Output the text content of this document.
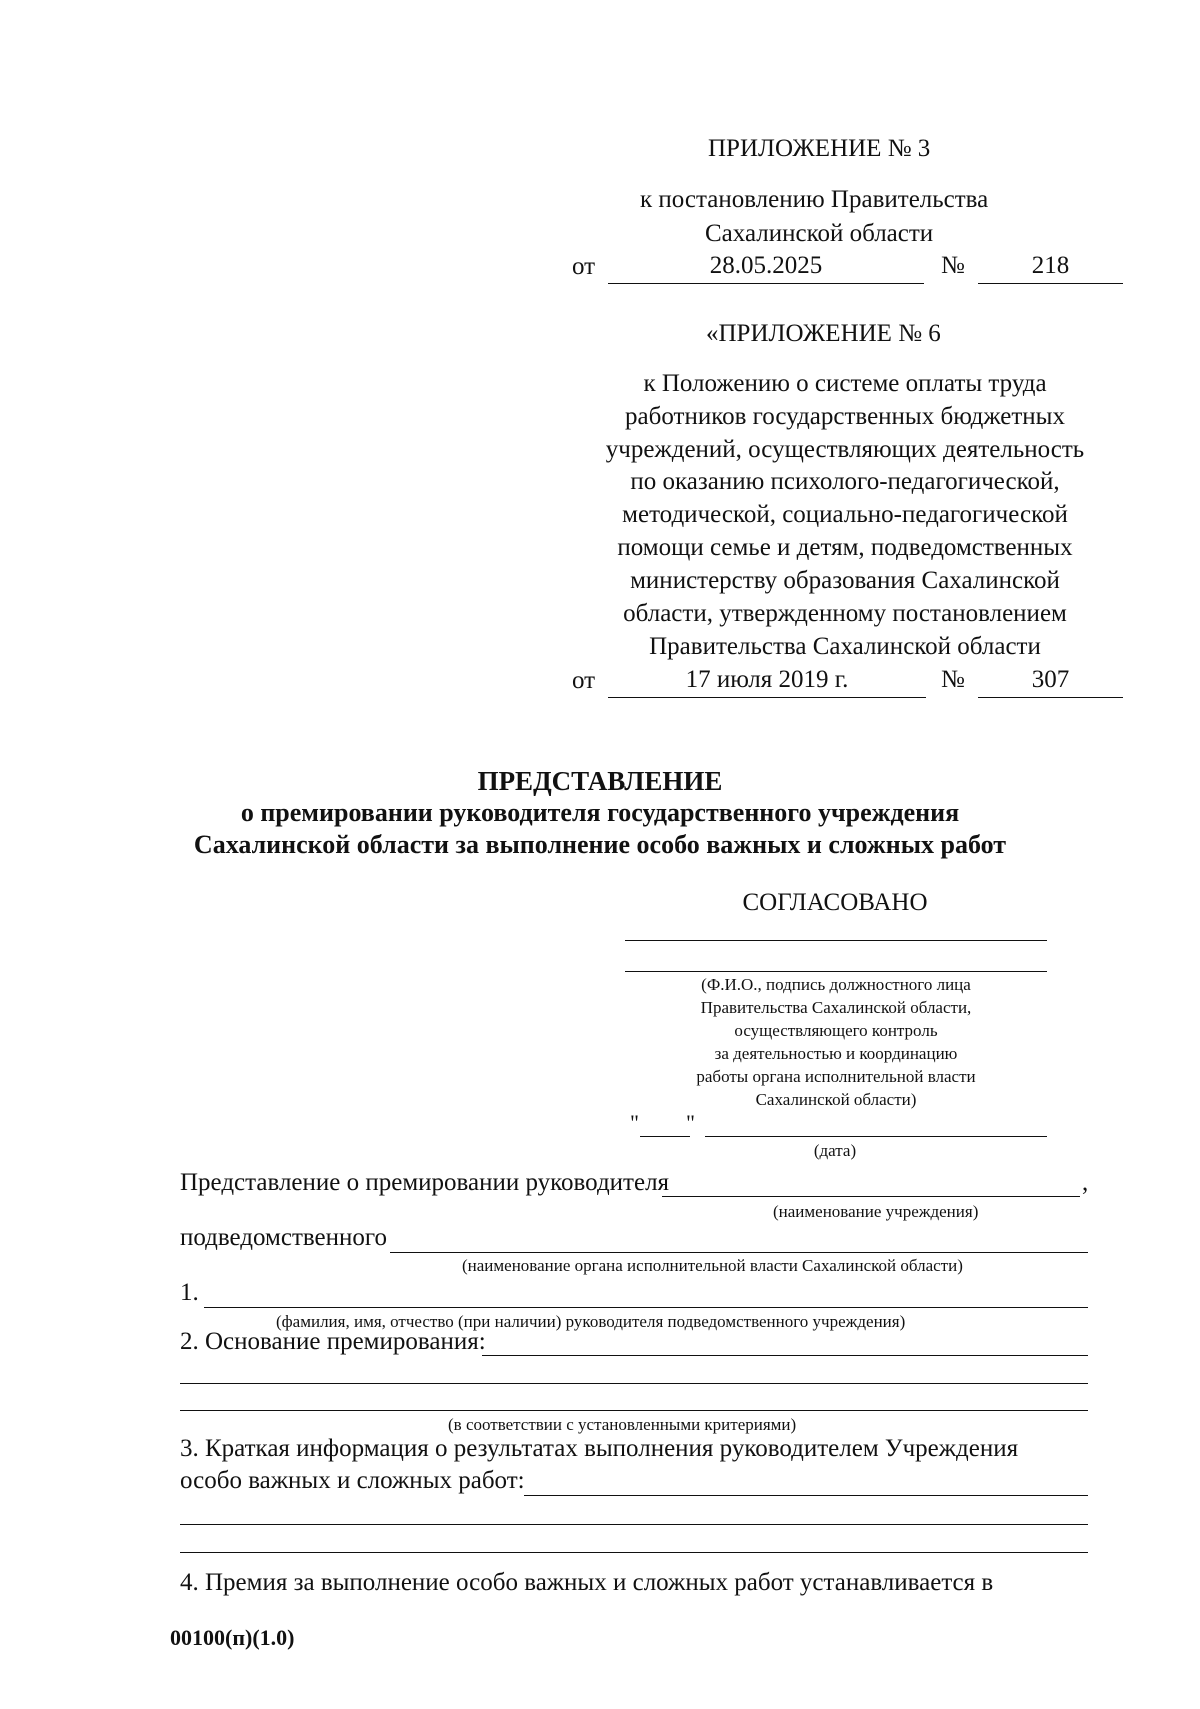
ПРИЛОЖЕНИЕ № 3
к постановлению Правительства
Сахалинской области
от	28.05.2025	№	218
«ПРИЛОЖЕНИЕ № 6
к Положению о системе оплаты труда
работников государственных бюджетных
учреждений, осуществляющих деятельность
по оказанию психолого-педагогической,
методической, социально-педагогической
помощи семье и детям, подведомственных
министерству образования Сахалинской
области, утвержденному постановлением
Правительства Сахалинской области
от	17 июля 2019 г.	№	307
ПРЕДСТАВЛЕНИЕ
о премировании руководителя государственного учреждения
Сахалинской области за выполнение особо важных и сложных работ
СОГЛАСОВАНО
(Ф.И.О., подпись должностного лица
Правительства Сахалинской области,
осуществляющего контроль
за деятельностью и координацию
работы органа исполнительной власти
Сахалинской области)
" "
(дата)
Представление о премировании руководителя	,
(наименование учреждения)
подведомственного
(наименование органа исполнительной власти Сахалинской области)
1.
(фамилия, имя, отчество (при наличии) руководителя подведомственного учреждения)
2. Основание премирования:
(в соответствии с установленными критериями)
3. Краткая информация о результатах выполнения руководителем Учреждения
особо важных и сложных работ:
4. Премия за выполнение особо важных и сложных работ устанавливается в
00100(п)(1.0)
